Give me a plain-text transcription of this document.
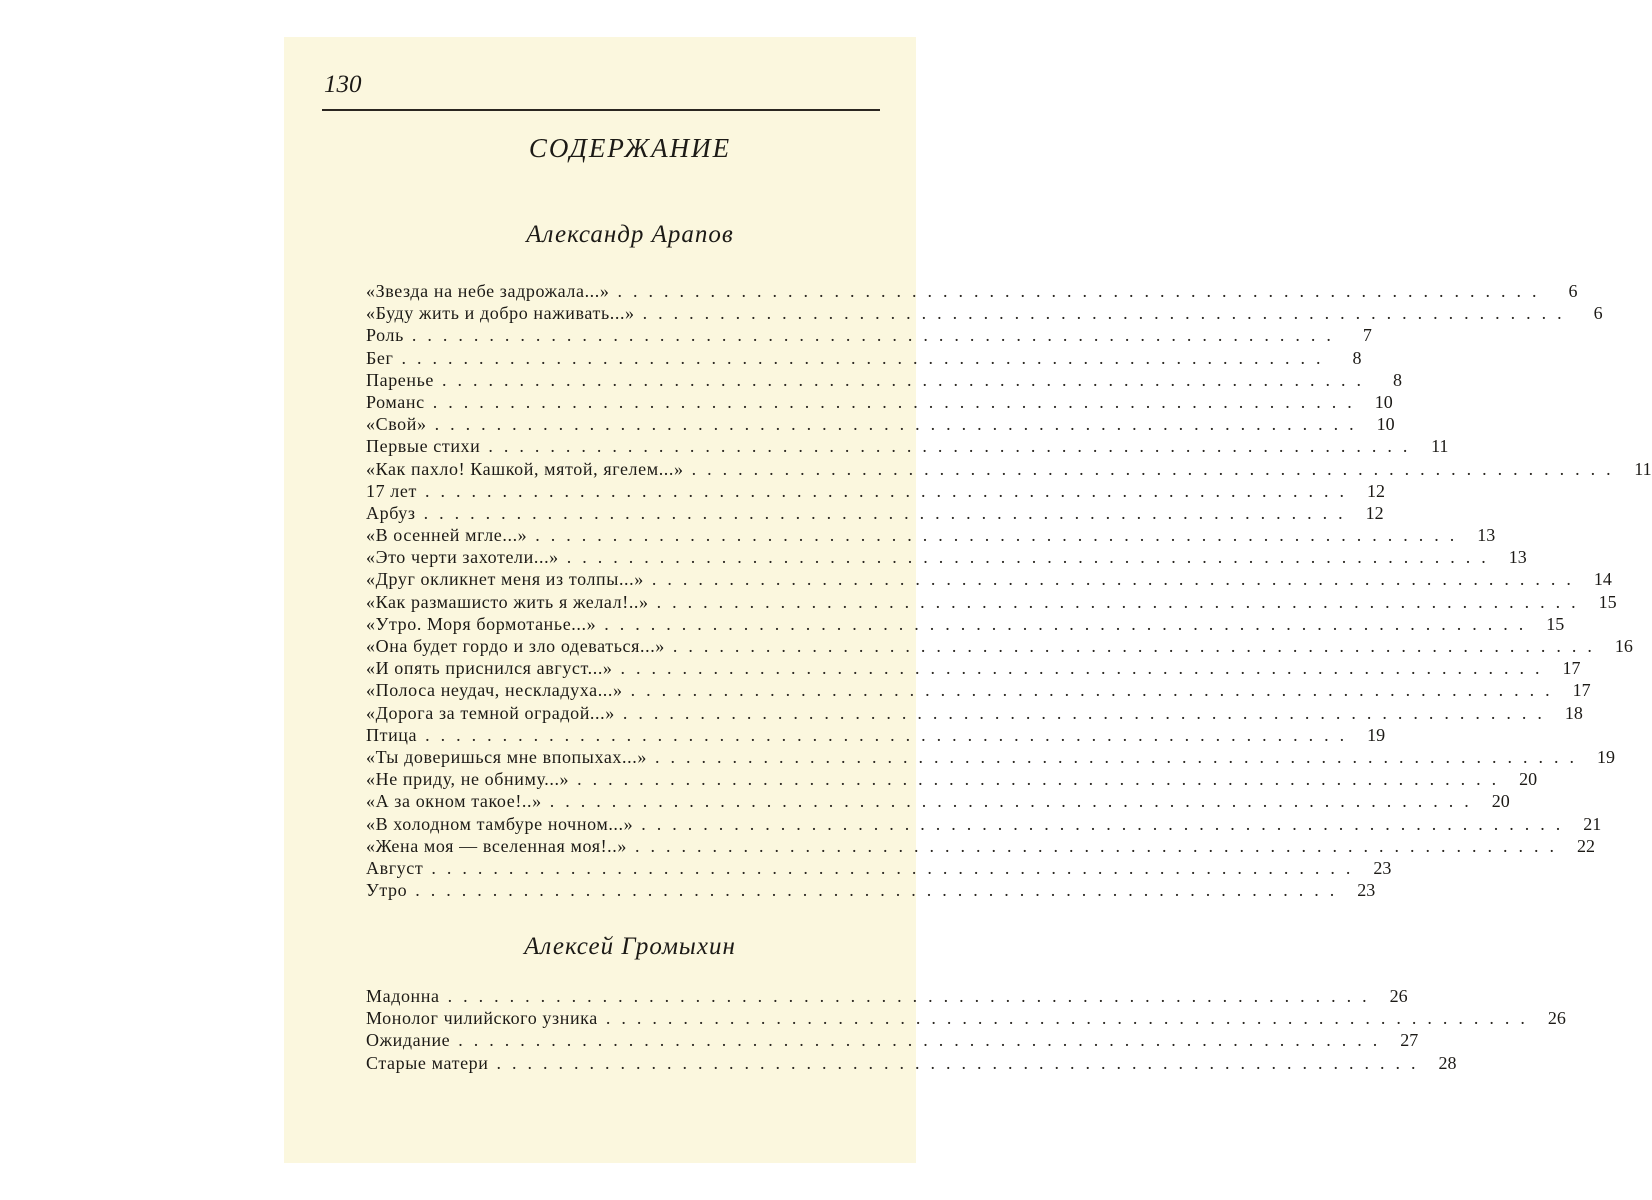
130
СОДЕРЖАНИЕ
Александр Арапов
«Звезда на небе задрожала...» ............................................................	6
«Буду жить и добро наживать...» ............................................................	6
Роль ............................................................	7
Бег ............................................................	8
Паренье ............................................................	8
Романс ............................................................ 10
«Свой» ............................................................ 10
Первые стихи ............................................................ 11
«Как пахло! Кашкой, мятой, ягелем...» ............................................................ 11
17 лет ............................................................ 12
Арбуз ............................................................ 12
«В осенней мгле...» ............................................................ 13
«Это черти захотели...» ............................................................ 13
«Друг окликнет меня из толпы...» ............................................................ 14
«Как размашисто жить я желал!..» ............................................................ 15
«Утро. Моря бормотанье...» ............................................................ 15
«Она будет гордо и зло одеваться...» ............................................................ 16
«И опять приснился август...» ............................................................ 17
«Полоса неудач, нескладуха...» ............................................................ 17
«Дорога за темной оградой...» ............................................................ 18
Птица ............................................................ 19
«Ты доверишься мне впопыхах...» ............................................................ 19
«Не приду, не обниму...» ............................................................ 20
«А за окном такое!..» ............................................................ 20
«В холодном тамбуре ночном...» ............................................................ 21
«Жена моя — вселенная моя!..» ............................................................ 22
Август ............................................................ 23
Утро ............................................................ 23
Алексей Громыхин
Мадонна ............................................................ 26
Монолог чилийского узника ............................................................ 26
Ожидание ............................................................ 27
Старые матери ............................................................ 28
